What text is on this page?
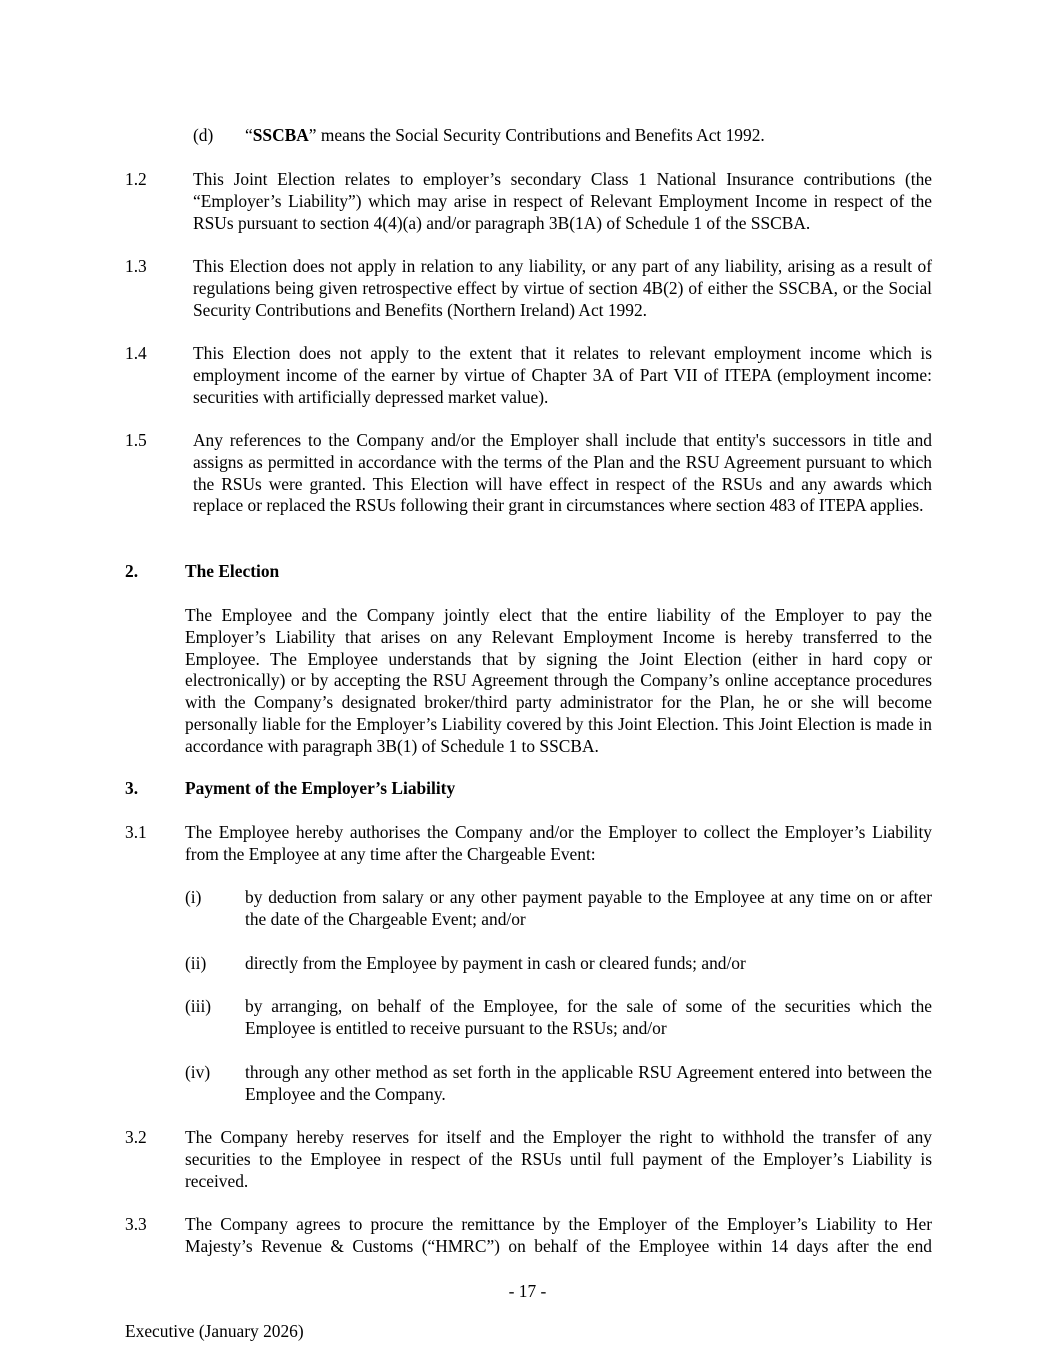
(d) “SSCBA” means the Social Security Contributions and Benefits Act 1992.
1.2	This Joint Election relates to employer’s secondary Class 1 National Insurance contributions (the “Employer’s Liability”) which may arise in respect of Relevant Employment Income in respect of the RSUs pursuant to section 4(4)(a) and/or paragraph 3B(1A) of Schedule 1 of the SSCBA.
1.3	This Election does not apply in relation to any liability, or any part of any liability, arising as a result of regulations being given retrospective effect by virtue of section 4B(2) of either the SSCBA, or the Social Security Contributions and Benefits (Northern Ireland) Act 1992.
1.4	This Election does not apply to the extent that it relates to relevant employment income which is employment income of the earner by virtue of Chapter 3A of Part VII of ITEPA (employment income: securities with artificially depressed market value).
1.5	Any references to the Company and/or the Employer shall include that entity's successors in title and assigns as permitted in accordance with the terms of the Plan and the RSU Agreement pursuant to which the RSUs were granted. This Election will have effect in respect of the RSUs and any awards which replace or replaced the RSUs following their grant in circumstances where section 483 of ITEPA applies.
2.	The Election
The Employee and the Company jointly elect that the entire liability of the Employer to pay the Employer’s Liability that arises on any Relevant Employment Income is hereby transferred to the Employee. The Employee understands that by signing the Joint Election (either in hard copy or electronically) or by accepting the RSU Agreement through the Company’s online acceptance procedures with the Company’s designated broker/third party administrator for the Plan, he or she will become personally liable for the Employer’s Liability covered by this Joint Election. This Joint Election is made in accordance with paragraph 3B(1) of Schedule 1 to SSCBA.
3.	Payment of the Employer’s Liability
3.1 The Employee hereby authorises the Company and/or the Employer to collect the Employer’s Liability from the Employee at any time after the Chargeable Event:
(i)	by deduction from salary or any other payment payable to the Employee at any time on or after the date of the Chargeable Event; and/or
(ii) directly from the Employee by payment in cash or cleared funds; and/or
(iii) by arranging, on behalf of the Employee, for the sale of some of the securities which the Employee is entitled to receive pursuant to the RSUs; and/or
(iv) through any other method as set forth in the applicable RSU Agreement entered into between the Employee and the Company.
3.2 The Company hereby reserves for itself and the Employer the right to withhold the transfer of any securities to the Employee in respect of the RSUs until full payment of the Employer’s Liability is received.
3.3 The Company agrees to procure the remittance by the Employer of the Employer’s Liability to Her Majesty’s Revenue & Customs (“HMRC”) on behalf of the Employee within 14 days after the end
- 17 -
Executive (January 2026)
